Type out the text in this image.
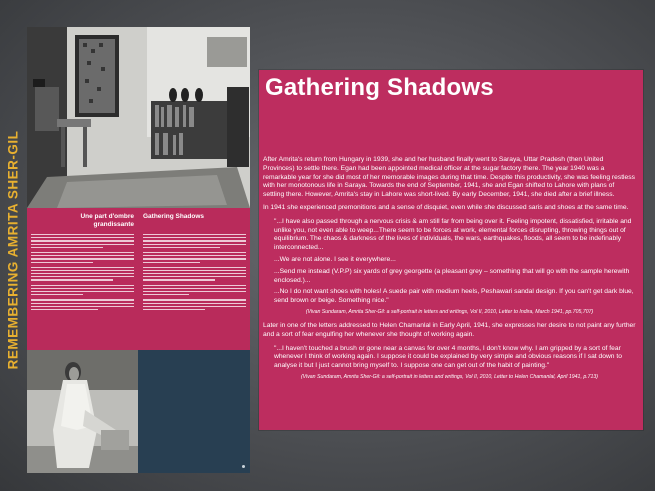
REMEMBERING AMRITA SHER-GIL	Une part d'ombre grandissante
Gathering Shadows
Gathering Shadows

After Amrita's return from Hungary in 1939, she and her husband finally went to Saraya, Uttar Pradesh (then United Provinces) to settle there. Egan had been appointed medical officer at the sugar factory there. The year 1940 was a remarkable year for she did most of her memorable images during that time. Despite this productivity, she was feeling restless with her monotonous life in Saraya. Towards the end of September, 1941, she and Egan shifted to Lahore with plans of settling there. However, Amrita's stay in Lahore was short-lived. By early December, 1941, she died after a brief illness.

In 1941 she experienced premonitions and a sense of disquiet, even while she discussed saris and shoes at the same time.

"...I have also passed through a nervous crisis & am still far from being over it. Feeling impotent, dissatisfied, irritable and unlike you, not even able to weep...There seem to be forces at work, elemental forces disrupting, throwing things out of equilibrium. The chaos & darkness of the lives of individuals, the wars, earthquakes, floods, all seem to be indefinably interconnected...

...We are not alone. I see it everywhere...

...Send me instead (V.P.P) six yards of grey georgette (a pleasant grey – something that will go with the sample herewith enclosed.)...

...No I do not want shoes with holes! A suede pair with medium heels, Peshawari sandal design. If you can't get dark blue, send brown or beige. Something nice."

(Vivan Sundaram, Amrita Sher-Gil: a self-portrait in letters and writings, Vol II, 2010, Letter to Indira, March 1941, pp.705,707)

Later in one of the letters addressed to Helen Chamanlal in Early April, 1941, she expresses her desire to not paint any further and a sort of fear engulfing her whenever she thought of working again.

"...I haven't touched a brush or gone near a canvas for over 4 months, I don't know why. I am gripped by a sort of fear whenever I think of working again. I suppose it could be explained by very simple and obvious reasons if I sat down to analyse it but I just cannot bring myself to. I suppose one can get out of the habit of painting."

(Vivan Sundaram, Amrita Sher-Gil: a self-portrait in letters and writings, Vol II, 2010, Letter to Helen Chamanlal, April 1941, p.713)
